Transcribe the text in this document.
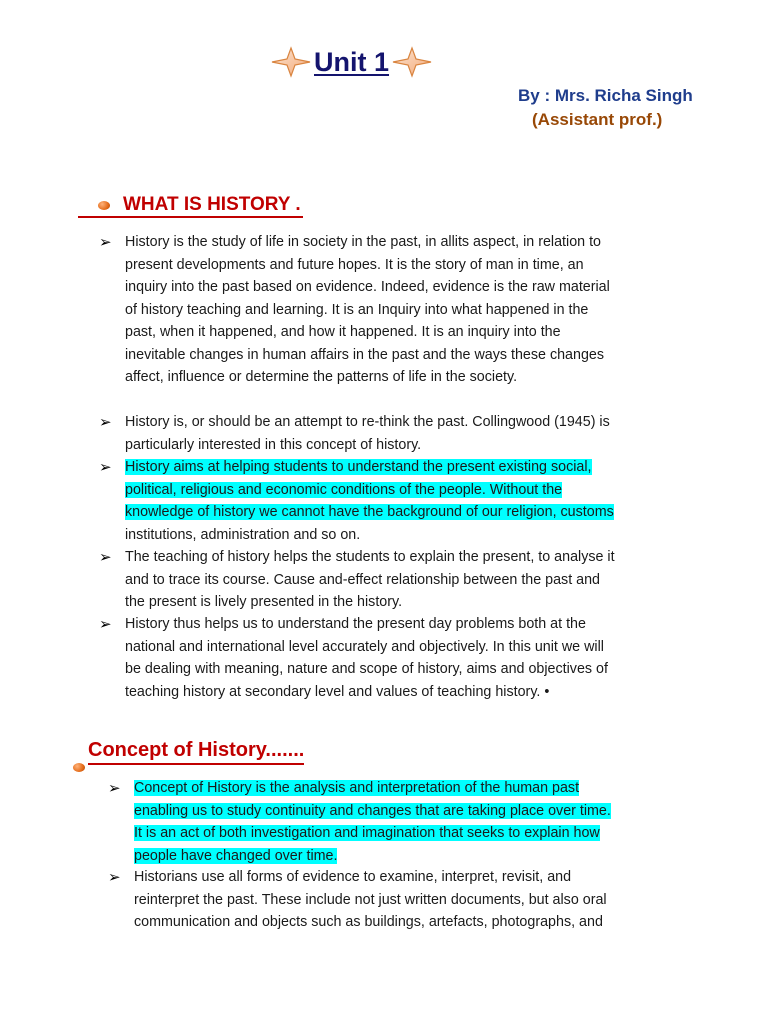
Unit 1
By : Mrs. Richa Singh
(Assistant prof.)
WHAT IS HISTORY .
➢ History is the study of life in society in the past, in allits aspect, in relation to
present developments and future hopes. It is the story of man in time, an
inquiry into the past based on evidence. Indeed, evidence is the raw material
of history teaching and learning. It is an Inquiry into what happened in the
past, when it happened, and how it happened. It is an inquiry into the
inevitable changes in human affairs in the past and the ways these changes
affect, influence or determine the patterns of life in the society.
➢ History is, or should be an attempt to re-think the past. Collingwood (1945) is
particularly interested in this concept of history.
➢ History aims at helping students to understand the present existing social,
political, religious and economic conditions of the people. Without the
knowledge of history we cannot have the background of our religion, customs
institutions, administration and so on.
➢ The teaching of history helps the students to explain the present, to analyse it
and to trace its course. Cause and-effect relationship between the past and
the present is lively presented in the history.
➢ History thus helps us to understand the present day problems both at the
national and international level accurately and objectively. In this unit we will
be dealing with meaning, nature and scope of history, aims and objectives of
teaching history at secondary level and values of teaching history. •
Concept of History.......
➢ Concept of History is the analysis and interpretation of the human past
enabling us to study continuity and changes that are taking place over time.
It is an act of both investigation and imagination that seeks to explain how
people have changed over time.
➢ Historians use all forms of evidence to examine, interpret, revisit, and
reinterpret the past. These include not just written documents, but also oral
communication and objects such as buildings, artefacts, photographs, and
